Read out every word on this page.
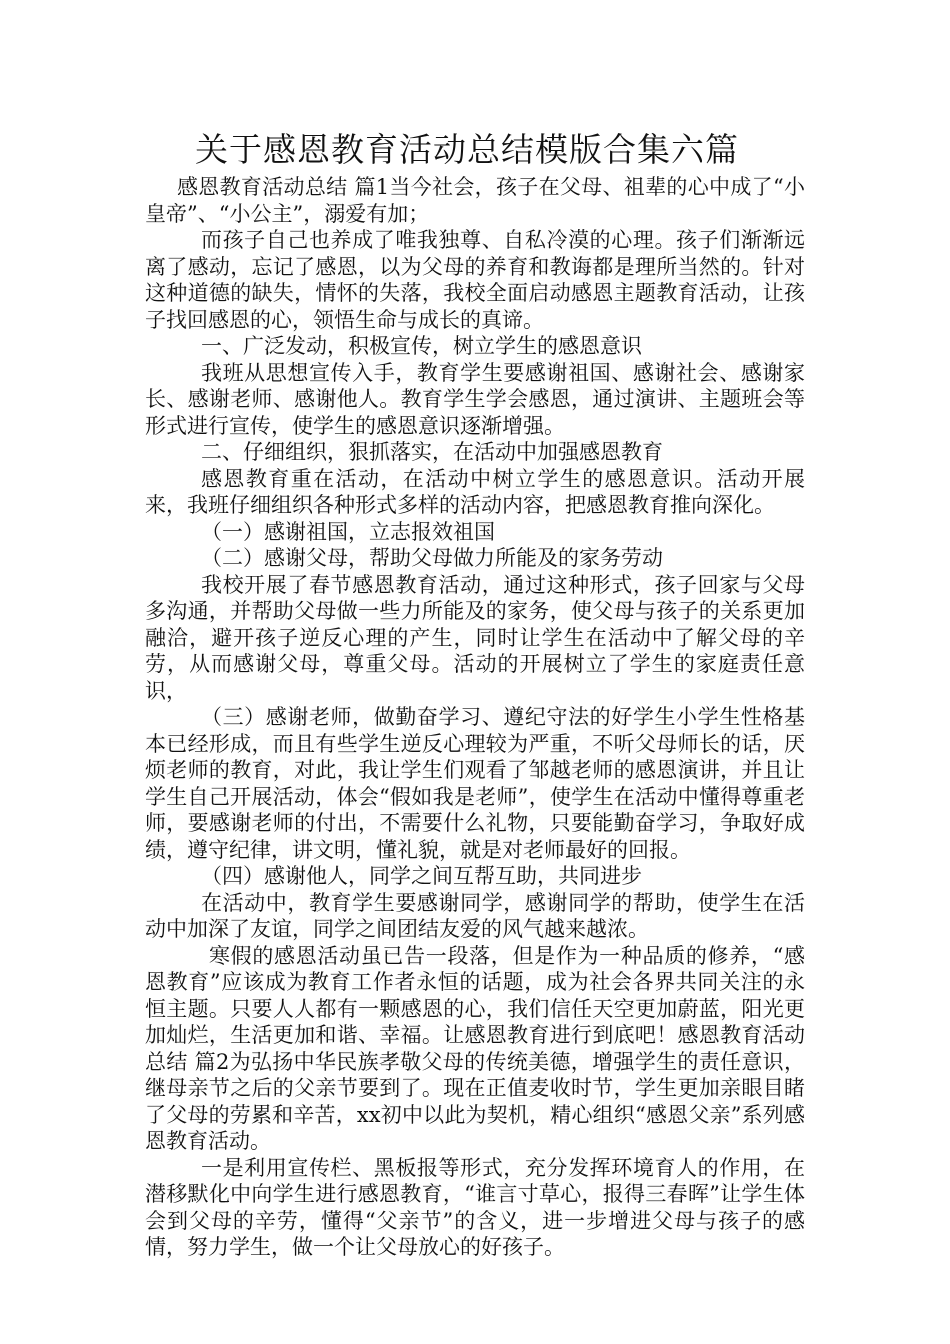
关于感恩教育活动总结模版合集六篇

感恩教育活动总结 篇1当今社会，孩子在父母、祖辈的心中成了“小皇帝”、“小公主”，溺爱有加；

而孩子自己也养成了唯我独尊、自私冷漠的心理。孩子们渐渐远离了感动，忘记了感恩，以为父母的养育和教诲都是理所当然的。针对这种道德的缺失，情怀的失落，我校全面启动感恩主题教育活动，让孩子找回感恩的心，领悟生命与成长的真谛。

一、广泛发动，积极宣传，树立学生的感恩意识

我班从思想宣传入手，教育学生要感谢祖国、感谢社会、感谢家长、感谢老师、感谢他人。教育学生学会感恩，通过演讲、主题班会等形式进行宣传，使学生的感恩意识逐渐增强。

二、仔细组织，狠抓落实，在活动中加强感恩教育

感恩教育重在活动，在活动中树立学生的感恩意识。活动开展来，我班仔细组织各种形式多样的活动内容，把感恩教育推向深化。

（一）感谢祖国，立志报效祖国

（二）感谢父母，帮助父母做力所能及的家务劳动

我校开展了春节感恩教育活动，通过这种形式，孩子回家与父母多沟通，并帮助父母做一些力所能及的家务，使父母与孩子的关系更加融洽，避开孩子逆反心理的产生，同时让学生在活动中了解父母的辛劳，从而感谢父母，尊重父母。活动的开展树立了学生的家庭责任意识，

（三）感谢老师，做勤奋学习、遵纪守法的好学生小学生性格基本已经形成，而且有些学生逆反心理较为严重，不听父母师长的话，厌烦老师的教育，对此，我让学生们观看了邹越老师的感恩演讲，并且让学生自己开展活动，体会“假如我是老师”，使学生在活动中懂得尊重老师，要感谢老师的付出，不需要什么礼物，只要能勤奋学习，争取好成绩，遵守纪律，讲文明，懂礼貌，就是对老师最好的回报。

（四）感谢他人，同学之间互帮互助，共同进步

在活动中，教育学生要感谢同学，感谢同学的帮助，使学生在活动中加深了友谊，同学之间团结友爱的风气越来越浓。

寒假的感恩活动虽已告一段落，但是作为一种品质的修养，“感恩教育”应该成为教育工作者永恒的话题，成为社会各界共同关注的永恒主题。只要人人都有一颗感恩的心，我们信任天空更加蔚蓝，阳光更加灿烂，生活更加和谐、幸福。让感恩教育进行到底吧！感恩教育活动总结 篇2为弘扬中华民族孝敬父母的传统美德，增强学生的责任意识，继母亲节之后的父亲节要到了。现在正值麦收时节，学生更加亲眼目睹了父母的劳累和辛苦，xx初中以此为契机，精心组织“感恩父亲”系列感恩教育活动。

一是利用宣传栏、黑板报等形式，充分发挥环境育人的作用，在潜移默化中向学生进行感恩教育，“谁言寸草心，报得三春晖”让学生体会到父母的辛劳，懂得“父亲节”的含义，进一步增进父母与孩子的感情，努力学生，做一个让父母放心的好孩子。
